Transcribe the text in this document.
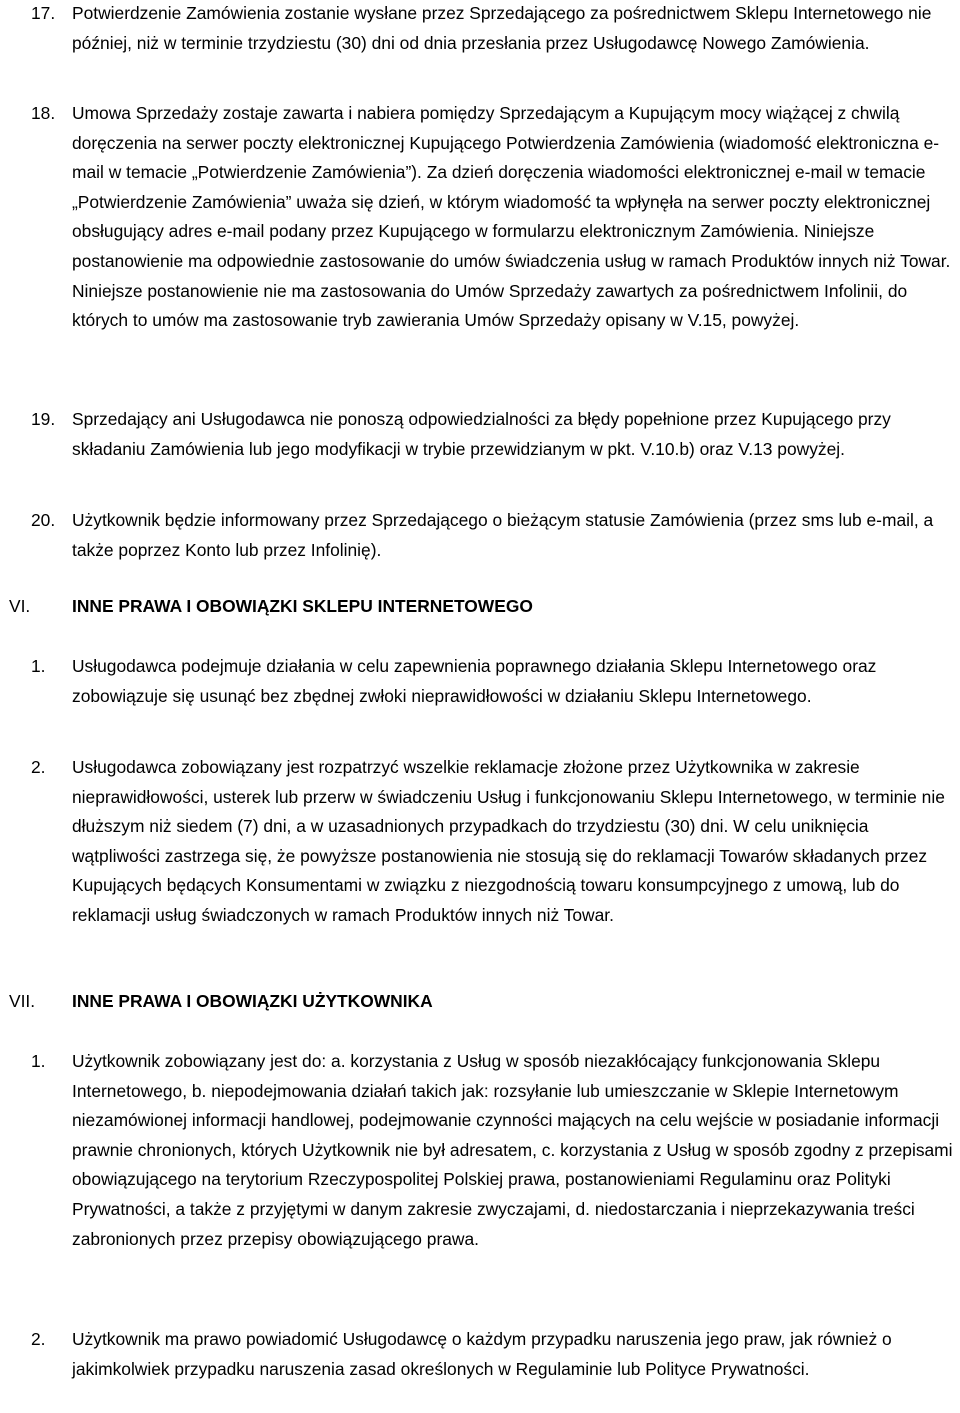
17. Potwierdzenie Zamówienia zostanie wysłane przez Sprzedającego za pośrednictwem Sklepu Internetowego nie później, niż w terminie trzydziestu (30) dni od dnia przesłania przez Usługodawcę Nowego Zamówienia.
18. Umowa Sprzedaży zostaje zawarta i nabiera pomiędzy Sprzedającym a Kupującym mocy wiążącej z chwilą doręczenia na serwer poczty elektronicznej Kupującego Potwierdzenia Zamówienia (wiadomość elektroniczna e-mail w temacie „Potwierdzenie Zamówienia”). Za dzień doręczenia wiadomości elektronicznej e-mail w temacie „Potwierdzenie Zamówienia” uważa się dzień, w którym wiadomość ta wpłynęła na serwer poczty elektronicznej obsługujący adres e-mail podany przez Kupującego w formularzu elektronicznym Zamówienia. Niniejsze postanowienie ma odpowiednie zastosowanie do umów świadczenia usług w ramach Produktów innych niż Towar. Niniejsze postanowienie nie ma zastosowania do Umów Sprzedaży zawartych za pośrednictwem Infolinii, do których to umów ma zastosowanie tryb zawierania Umów Sprzedaży opisany w V.15, powyżej.
19. Sprzedający ani Usługodawca nie ponoszą odpowiedzialności za błędy popełnione przez Kupującego przy składaniu Zamówienia lub jego modyfikacji w trybie przewidzianym w pkt. V.10.b) oraz V.13 powyżej.
20. Użytkownik będzie informowany przez Sprzedającego o bieżącym statusie Zamówienia (przez sms lub e-mail, a także poprzez Konto lub przez Infolinię).
VI. INNE PRAWA I OBOWIĄZKI SKLEPU INTERNETOWEGO
1.	Usługodawca podejmuje działania w celu zapewnienia poprawnego działania Sklepu Internetowego oraz zobowiązuje się usunąć bez zbędnej zwłoki nieprawidłowości w działaniu Sklepu Internetowego.
2.	Usługodawca zobowiązany jest rozpatrzyć wszelkie reklamacje złożone przez Użytkownika w zakresie nieprawidłowości, usterek lub przerw w świadczeniu Usług i funkcjonowaniu Sklepu Internetowego, w terminie nie dłuższym niż siedem (7) dni, a w uzasadnionych przypadkach do trzydziestu (30) dni. W celu uniknięcia wątpliwości zastrzega się, że powyższe postanowienia nie stosują się do reklamacji Towarów składanych przez Kupujących będących Konsumentami w związku z niezgodnością towaru konsumpcyjnego z umową, lub do reklamacji usług świadczonych w ramach Produktów innych niż Towar.
VII. INNE PRAWA I OBOWIĄZKI UŻYTKOWNIKA
1.	Użytkownik zobowiązany jest do: a. korzystania z Usług w sposób niezakłócający funkcjonowania Sklepu Internetowego, b. niepodejmowania działań takich jak: rozsyłanie lub umieszczanie w Sklepie Internetowym niezamówionej informacji handlowej, podejmowanie czynności mających na celu wejście w posiadanie informacji prawnie chronionych, których Użytkownik nie był adresatem, c. korzystania z Usług w sposób zgodny z przepisami obowiązującego na terytorium Rzeczypospolitej Polskiej prawa, postanowieniami Regulaminu oraz Polityki Prywatności, a także z przyjętymi w danym zakresie zwyczajami, d. niedostarczania i nieprzekazywania treści zabronionych przez przepisy obowiązującego prawa.
2.	Użytkownik ma prawo powiadomić Usługodawcę o każdym przypadku naruszenia jego praw, jak również o jakimkolwiek przypadku naruszenia zasad określonych w Regulaminie lub Polityce Prywatności.
